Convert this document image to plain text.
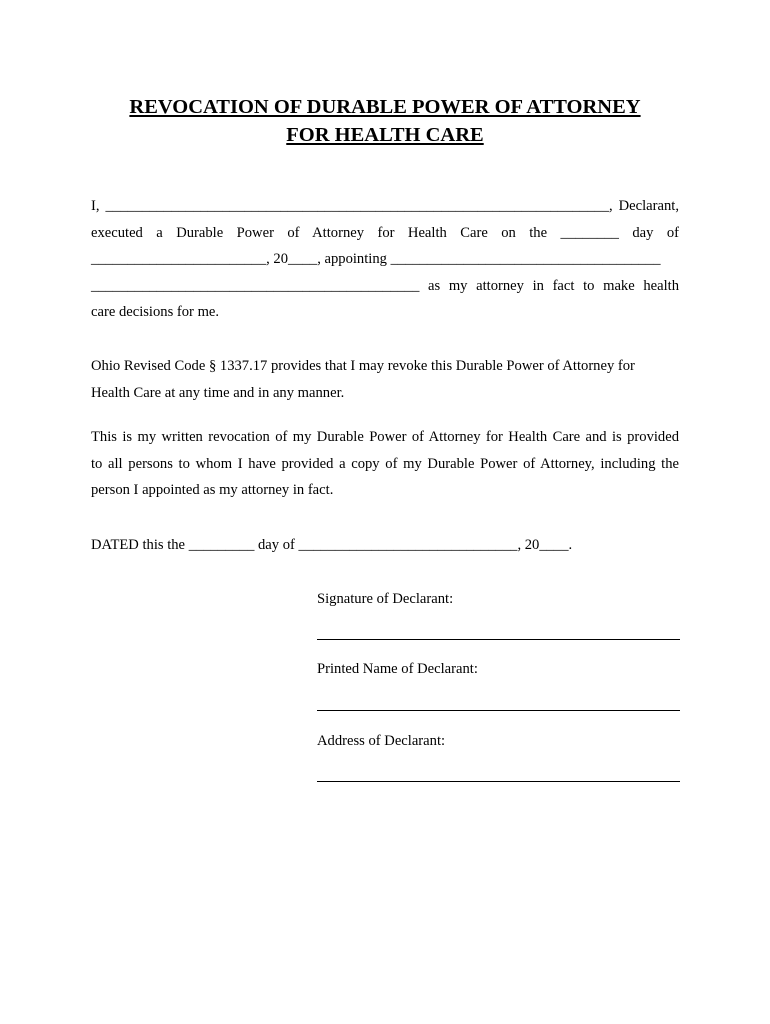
REVOCATION OF DURABLE POWER OF ATTORNEY
FOR HEALTH CARE
I, _____________________________________________________________________, Declarant,
executed a Durable Power of Attorney for Health Care on the ________ day of
________________________, 20____, appointing _____________________________________
_____________________________________________ as my attorney in fact to make health
care decisions for me.
Ohio Revised Code § 1337.17 provides that I may revoke this Durable Power of Attorney for
Health Care at any time and in any manner.
This is my written revocation of my Durable Power of Attorney for Health Care and is provided
to all persons to whom I have provided a copy of my Durable Power of Attorney, including the
person I appointed as my attorney in fact.
DATED this the _________ day of ______________________________, 20____.
Signature of Declarant:
Printed Name of Declarant:
Address of Declarant:
